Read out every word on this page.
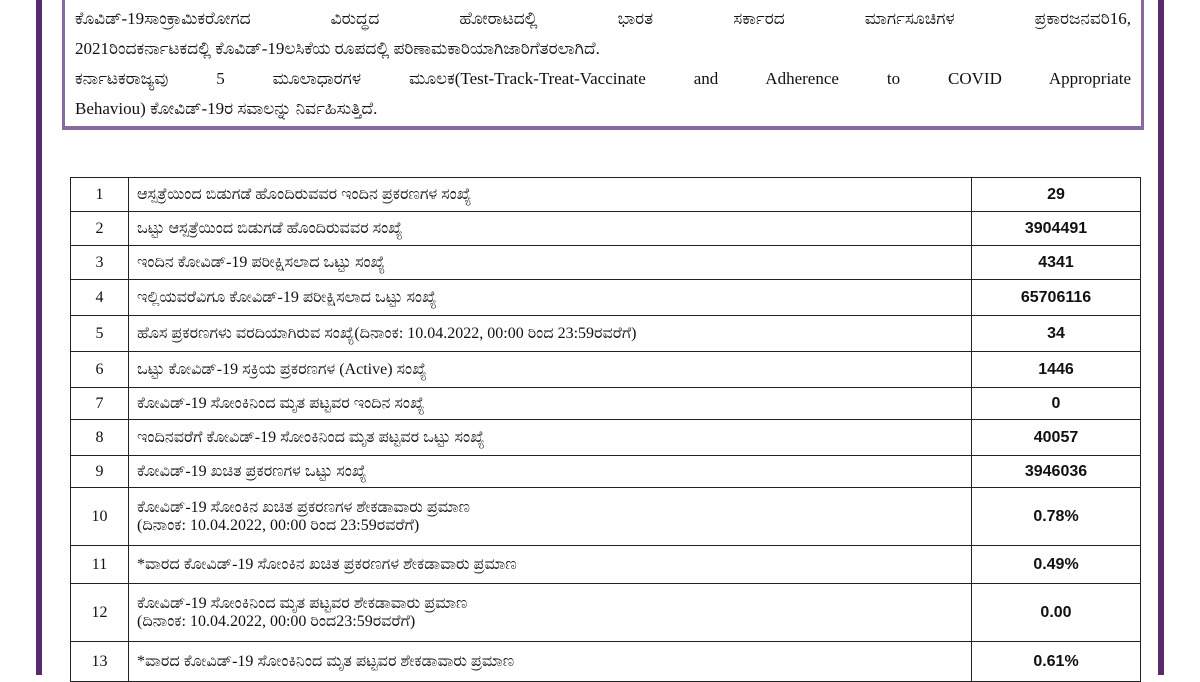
ಕೊವಿಡ್-19ಸಾಂಕ್ರಾಮಿಕರೋಗದ ವಿರುದ್ಧದ ಹೋರಾಟದಲ್ಲಿ ಭಾರತ ಸರ್ಕಾರದ ಮಾರ್ಗಸೂಚಿಗಳ ಪ್ರಕಾರಜನವರಿ16,
2021ರಿಂದಕರ್ನಾಟಕದಲ್ಲಿ ಕೊವಿಡ್-19ಲಸಿಕೆಯ ರೂಪದಲ್ಲಿ ಪರಿಣಾಮಕಾರಿಯಾಗಿಜಾರಿಗೆತರಲಾಗಿದೆ.
ಕರ್ನಾಟಕರಾಜ್ಯವು 5 ಮೂಲಾಧಾರಗಳ ಮೂಲಕ(Test-Track-Treat-Vaccinate and Adherence to COVID Appropriate
Behaviou) ಕೋವಿಡ್-19ರ ಸವಾಲನ್ನು ನಿರ್ವಹಿಸುತ್ತಿದೆ.
1	ಆಸ್ಪತ್ರೆಯಿಂದ ಬಿಡುಗಡೆ ಹೊಂದಿರುವವರ ಇಂದಿನ ಪ್ರಕರಣಗಳ ಸಂಖ್ಯೆ	29
2	ಒಟ್ಟು ಆಸ್ಪತ್ರೆಯಿಂದ ಬಿಡುಗಡೆ ಹೊಂದಿರುವವರ ಸಂಖ್ಯೆ	3904491
3	ಇಂದಿನ ಕೋವಿಡ್-19 ಪರೀಕ್ಷಿಸಲಾದ ಒಟ್ಟು ಸಂಖ್ಯೆ	4341
4	ಇಲ್ಲಿಯವರೆವಿಗೂ ಕೋವಿಡ್-19 ಪರೀಕ್ಷಿಸಲಾದ ಒಟ್ಟು ಸಂಖ್ಯೆ	65706116
5	ಹೊಸ ಪ್ರಕರಣಗಳು ವರದಿಯಾಗಿರುವ ಸಂಖ್ಯೆ(ದಿನಾಂಕ: 10.04.2022, 00:00 ರಿಂದ 23:59ರವರೆಗೆ)	34
6	ಒಟ್ಟು ಕೋವಿಡ್-19 ಸಕ್ರಿಯ ಪ್ರಕರಣಗಳ (Active) ಸಂಖ್ಯೆ	1446
7	ಕೋವಿಡ್-19 ಸೋಂಕಿನಿಂದ ಮೃತ ಪಟ್ಟವರ ಇಂದಿನ ಸಂಖ್ಯೆ	0
8	ಇಂದಿನವರೆಗೆ ಕೋವಿಡ್-19 ಸೋಂಕಿನಿಂದ ಮೃತ ಪಟ್ಟವರ ಒಟ್ಟು ಸಂಖ್ಯೆ	40057
9	ಕೋವಿಡ್-19 ಖಚಿತ ಪ್ರಕರಣಗಳ ಒಟ್ಟು ಸಂಖ್ಯೆ	3946036
10	ಕೋವಿಡ್-19 ಸೋಂಕಿನ ಖಚಿತ ಪ್ರಕರಣಗಳ ಶೇಕಡಾವಾರು ಪ್ರಮಾಣ
(ದಿನಾಂಕ: 10.04.2022, 00:00 ರಿಂದ 23:59ರವರೆಗೆ)	0.78%
11	*ವಾರದ ಕೋವಿಡ್-19 ಸೋಂಕಿನ ಖಚಿತ ಪ್ರಕರಣಗಳ ಶೇಕಡಾವಾರು ಪ್ರಮಾಣ	0.49%
12	ಕೋವಿಡ್-19 ಸೋಂಕಿನಿಂದ ಮೃತ ಪಟ್ಟವರ ಶೇಕಡಾವಾರು ಪ್ರಮಾಣ
(ದಿನಾಂಕ: 10.04.2022, 00:00 ರಿಂದ23:59ರವರೆಗೆ)	0.00
13	*ವಾರದ ಕೋವಿಡ್-19 ಸೋಂಕಿನಿಂದ ಮೃತ ಪಟ್ಟವರ ಶೇಕಡಾವಾರು ಪ್ರಮಾಣ	0.61%
